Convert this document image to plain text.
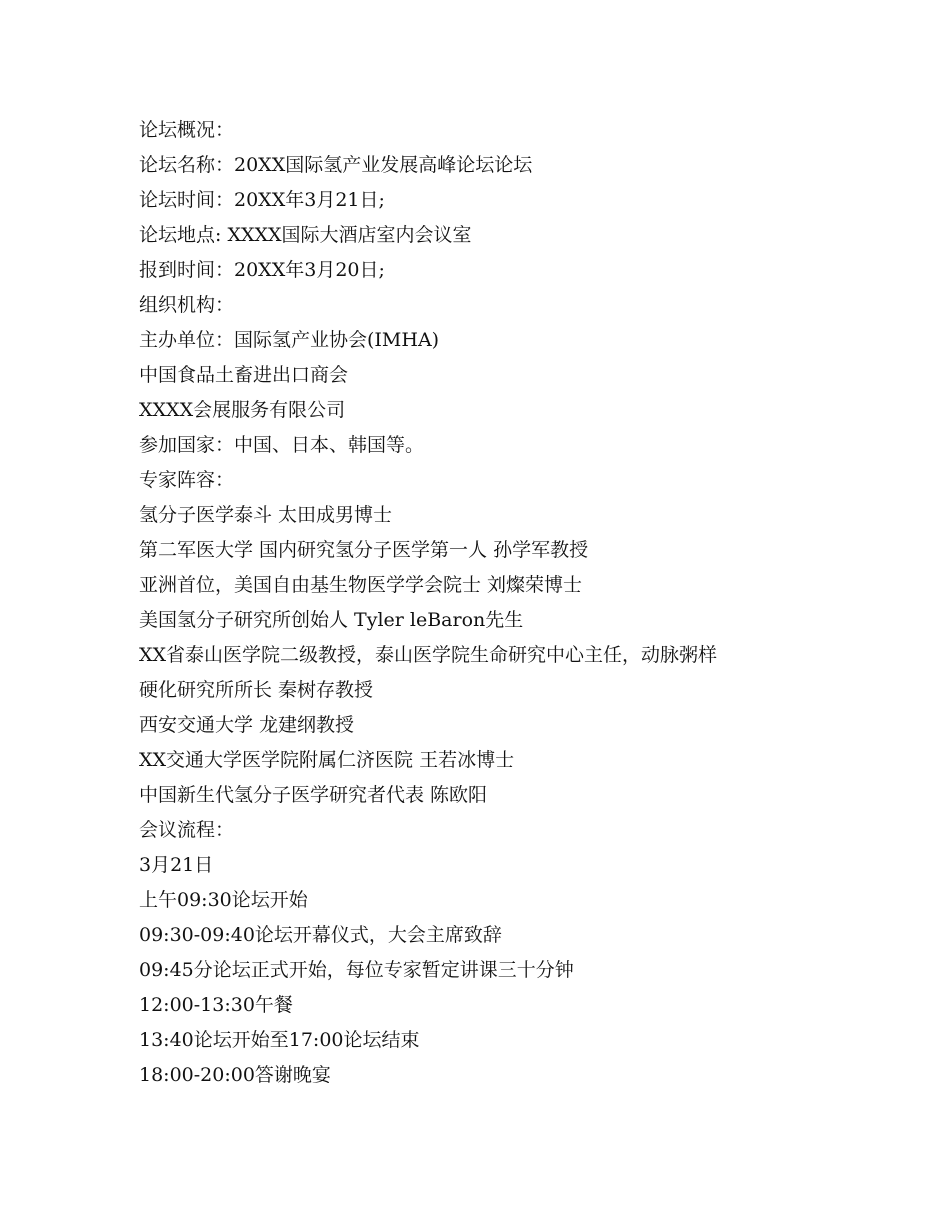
论坛概况：
论坛名称：20XX国际氢产业发展高峰论坛论坛
论坛时间：20XX年3月21日;
论坛地点: XXXX国际大酒店室内会议室
报到时间：20XX年3月20日;
组织机构：
主办单位：国际氢产业协会(IMHA)
中国食品土畜进出口商会
XXXX会展服务有限公司
参加国家：中国、日本、韩国等。
专家阵容：
氢分子医学泰斗 太田成男博士
第二军医大学 国内研究氢分子医学第一人 孙学军教授
亚洲首位，美国自由基生物医学学会院士 刘燦荣博士
美国氢分子研究所创始人 Tyler leBaron先生
XX省泰山医学院二级教授，泰山医学院生命研究中心主任，动脉粥样
硬化研究所所长 秦树存教授
西安交通大学 龙建纲教授
XX交通大学医学院附属仁济医院 王若冰博士
中国新生代氢分子医学研究者代表 陈欧阳
会议流程：
3月21日
上午09:30论坛开始
09:30-09:40论坛开幕仪式，大会主席致辞
09:45分论坛正式开始，每位专家暂定讲课三十分钟
12:00-13:30午餐
13:40论坛开始至17:00论坛结束
18:00-20:00答谢晚宴
